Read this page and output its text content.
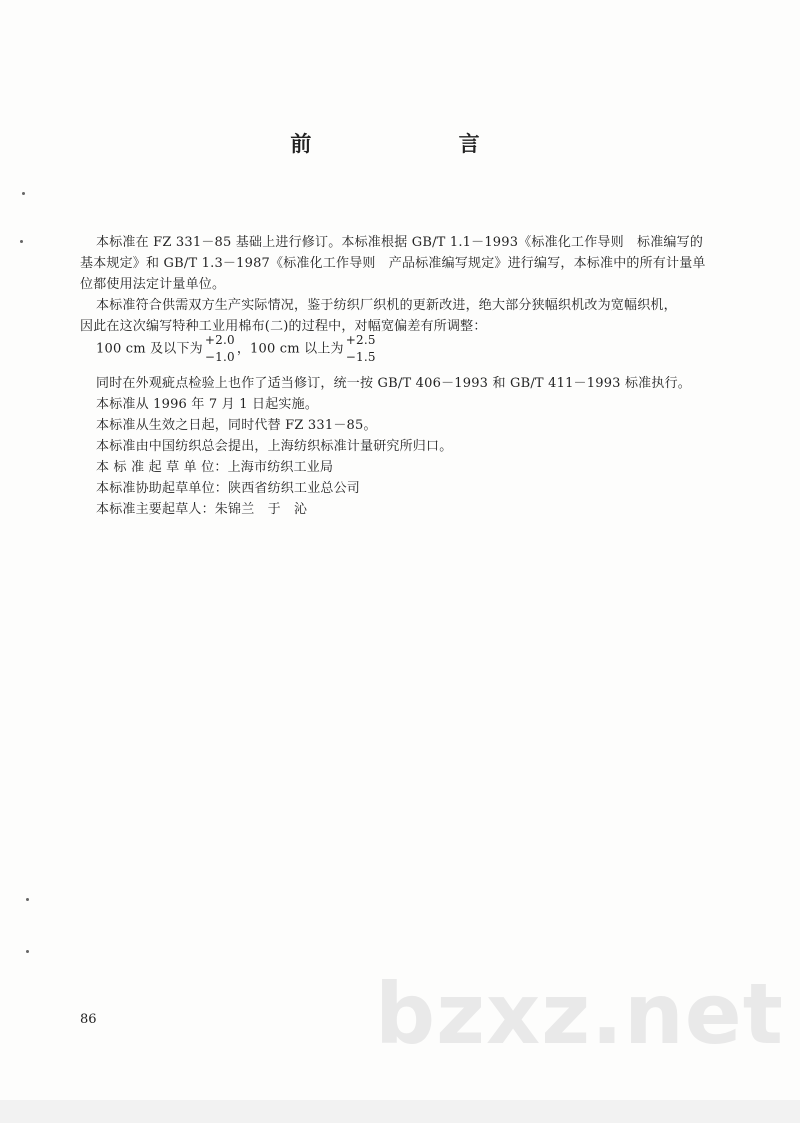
前 言
本标准在 FZ 331－85 基础上进行修订。本标准根据 GB/T 1.1－1993《标准化工作导则　标准编写的
基本规定》和 GB/T 1.3－1987《标准化工作导则　产品标准编写规定》进行编写，本标准中的所有计量单
位都使用法定计量单位。
本标准符合供需双方生产实际情况，鉴于纺织厂织机的更新改进，绝大部分狭幅织机改为宽幅织机，
因此在这次编写特种工业用棉布(二)的过程中，对幅宽偏差有所调整：
100 cm 及以下为
+2.0
−1.0
，100 cm 以上为
+2.5
−1.5
同时在外观疵点检验上也作了适当修订，统一按 GB/T 406－1993 和 GB/T 411－1993 标准执行。
本标准从 1996 年 7 月 1 日起实施。
本标准从生效之日起，同时代替 FZ 331－85。
本标准由中国纺织总会提出，上海纺织标准计量研究所归口。
本 标 准 起 草 单 位：上海市纺织工业局
本标准协助起草单位：陕西省纺织工业总公司
本标准主要起草人：朱锦兰　于　沁
86	bzxz.net
